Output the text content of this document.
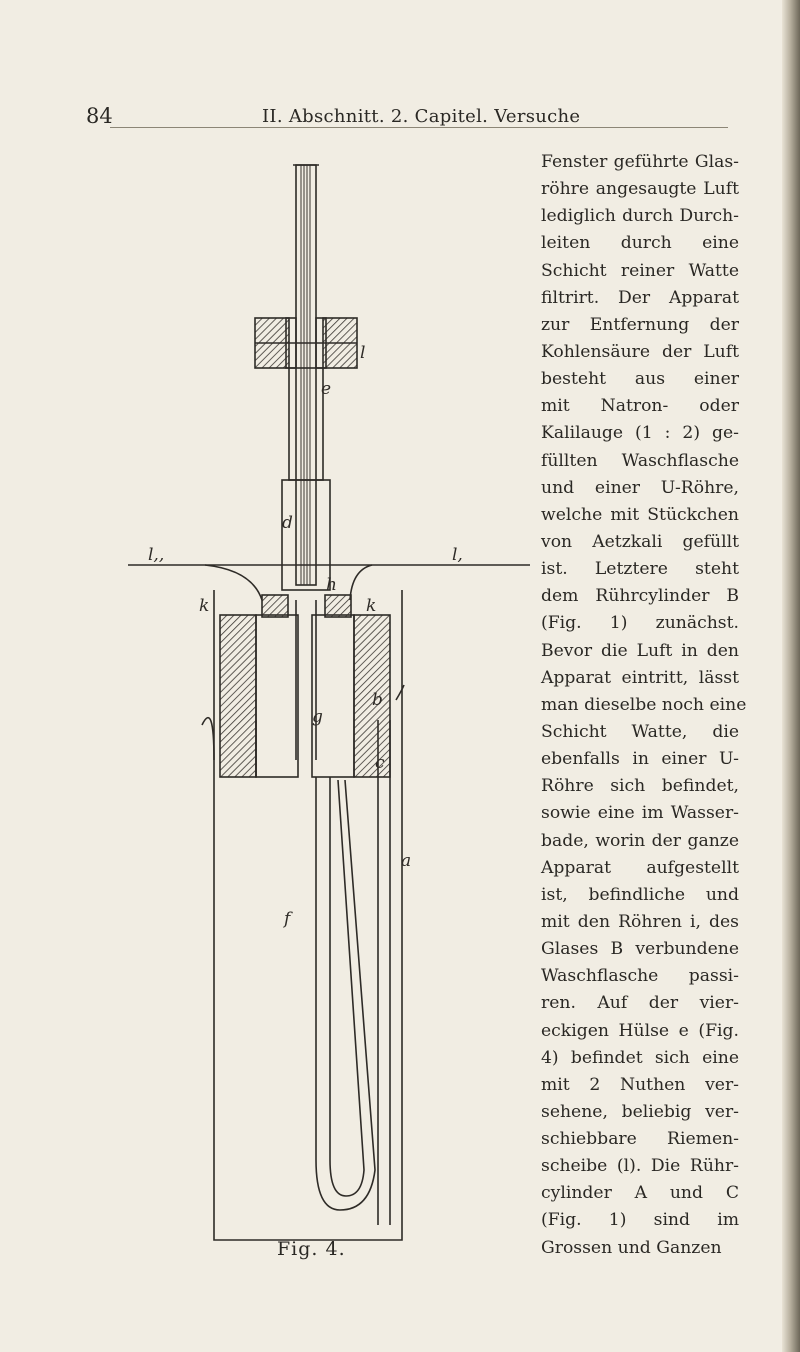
84	II. Abschnitt. 2. Capitel. Versuche
l
e
d
l,,	l,
h
k	k
b
g
c
a
f
Fig. 4.
Fenster geführte Glas-
röhre angesaugte Luft
lediglich durch Durch-
leiten durch eine
Schicht reiner Watte
filtrirt. Der Apparat
zur Entfernung der
Kohlensäure der Luft
besteht aus einer
mit Natron- oder
Kalilauge (1 : 2) ge-
füllten Waschflasche
und einer U-Röhre,
welche mit Stückchen
von Aetzkali gefüllt
ist. Letztere steht
dem Rührcylinder B
(Fig. 1) zunächst.
Bevor die Luft in den
Apparat eintritt, lässt
man dieselbe noch eine
Schicht Watte, die
ebenfalls in einer U-
Röhre sich befindet,
sowie eine im Wasser-
bade, worin der ganze
Apparat aufgestellt
ist, befindliche und
mit den Röhren i, des
Glases B verbundene
Waschflasche passi-
ren. Auf der vier-
eckigen Hülse e (Fig.
4) befindet sich eine
mit 2 Nuthen ver-
sehene, beliebig ver-
schiebbare Riemen-
scheibe (l). Die Rühr-
cylinder A und C
(Fig. 1) sind im
Grossen und Ganzen
